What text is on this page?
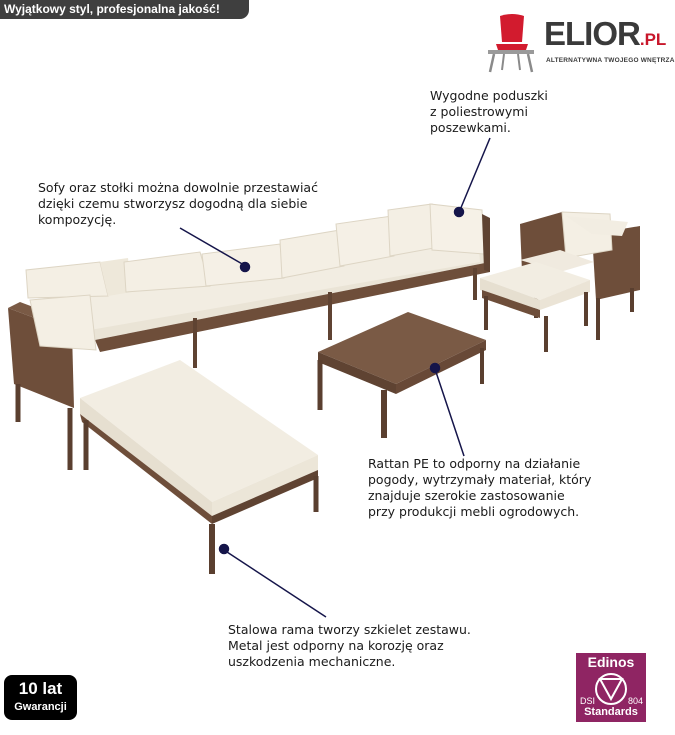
Wyjątkowy styl, profesjonalna jakość!
ELIOR.PL
ALTERNATYWNA TWOJEGO WNĘTRZA

Wygodne poduszki
z poliestrowymi
poszewkami.

Sofy oraz stołki można dowolnie przestawiać
dzięki czemu stworzysz dogodną dla siebie
kompozycję.

Rattan PE to odporny na działanie
pogody, wytrzymały materiał, który
znajduje szerokie zastosowanie
przy produkcji mebli ogrodowych.

Stalowa rama tworzy szkielet zestawu.
Metal jest odporny na korozję oraz
uszkodzenia mechaniczne.

10 lat
Gwarancji
Edinos
DSI	804
Standards
